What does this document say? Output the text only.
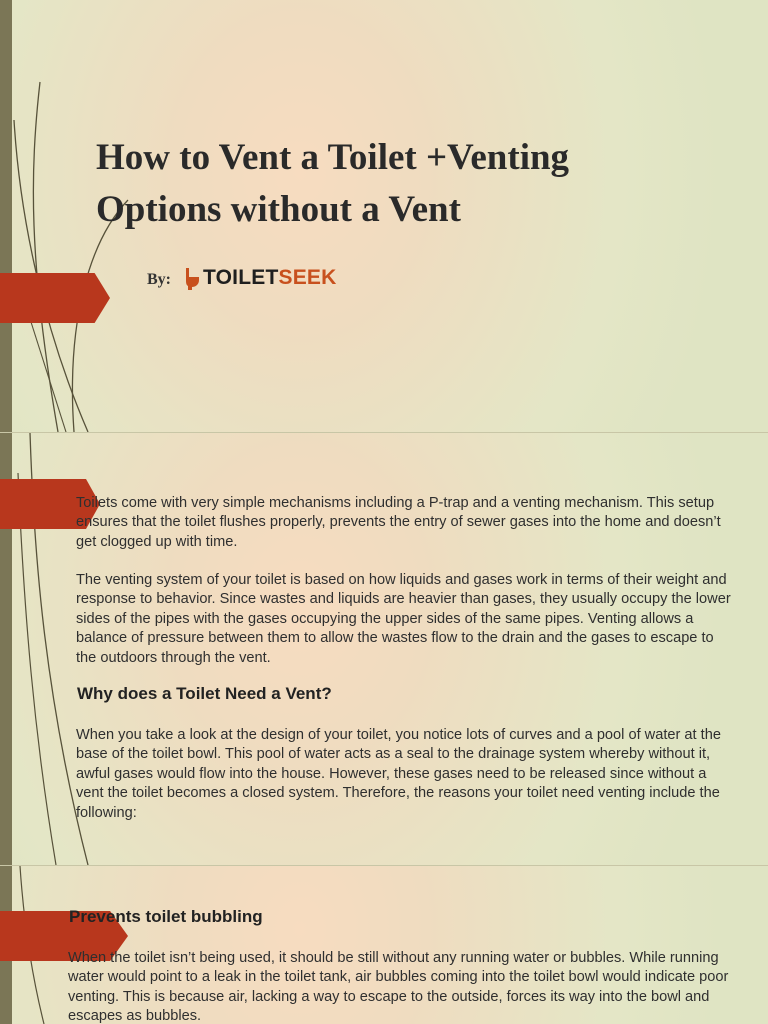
How to Vent a Toilet +Venting Options without a Vent
By: TOILET SEEK

Toilets come with very simple mechanisms including a P-trap and a venting mechanism. This setup ensures that the toilet flushes properly, prevents the entry of sewer gases into the home and doesn’t get clogged up with time.

The venting system of your toilet is based on how liquids and gases work in terms of their weight and response to behavior. Since wastes and liquids are heavier than gases, they usually occupy the lower sides of the pipes with the gases occupying the upper sides of the same pipes. Venting allows a balance of pressure between them to allow the wastes flow to the drain and the gases to escape to the outdoors through the vent.

Why does a Toilet Need a Vent?

When you take a look at the design of your toilet, you notice lots of curves and a pool of water at the base of the toilet bowl. This pool of water acts as a seal to the drainage system whereby without it, awful gases would flow into the house. However, these gases need to be released since without a vent the toilet becomes a closed system. Therefore, the reasons your toilet need venting include the following:

Prevents toilet bubbling

When the toilet isn’t being used, it should be still without any running water or bubbles. While running water would point to a leak in the toilet tank, air bubbles coming into the toilet bowl would indicate poor venting. This is because air, lacking a way to escape to the outside, forces its way into the bowl and escapes as bubbles.
